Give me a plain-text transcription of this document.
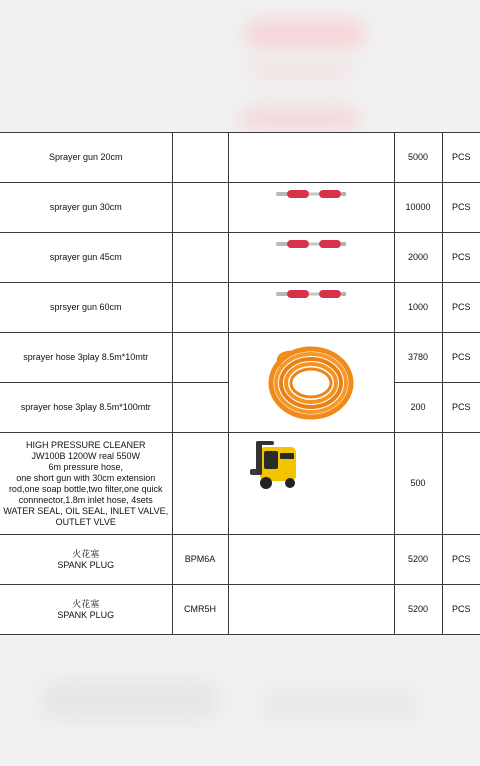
Sprayer gun 20cm			5000	PCS

sprayer gun 30cm			10000	PCS

sprayer gun 45cm			2000	PCS

sprsyer gun 60cm			1000	PCS

sprayer hose 3play 8.5m*10mtr			3780	PCS

sprayer hose 3play 8.5m*100mtr			200	PCS

HIGH PRESSURE CLEANER
JW100B 1200W real 550W
6m pressure hose,
one short gun with 30cm extension rod,one soap bottle,two filter,one quick connnector,1.8m inlet hose, 4sets WATER SEAL, OIL SEAL, INLET VALVE, OUTLET VLVE			500	

火花塞
SPANK PLUG	BPM6A		5200	PCS

火花塞
SPANK PLUG	CMR5H		5200	PCS
